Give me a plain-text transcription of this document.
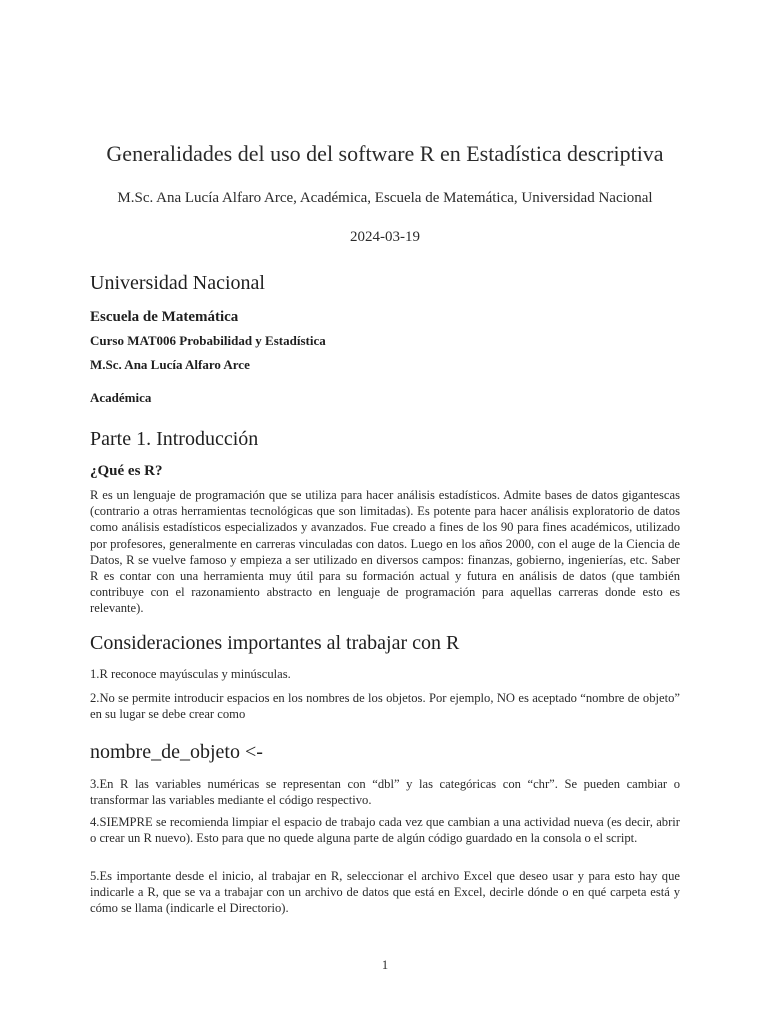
Generalidades del uso del software R en Estadística descriptiva
M.Sc. Ana Lucía Alfaro Arce, Académica, Escuela de Matemática, Universidad Nacional
2024-03-19
Universidad Nacional
Escuela de Matemática
Curso MAT006 Probabilidad y Estadística
M.Sc. Ana Lucía Alfaro Arce
Académica
Parte 1. Introducción
¿Qué es R?

R es un lenguaje de programación que se utiliza para hacer análisis estadísticos. Admite bases de datos gigantescas (contrario a otras herramientas tecnológicas que son limitadas). Es potente para hacer análisis exploratorio de datos como análisis estadísticos especializados y avanzados. Fue creado a fines de los 90 para fines académicos, utilizado por profesores, generalmente en carreras vinculadas con datos. Luego en los años 2000, con el auge de la Ciencia de Datos, R se vuelve famoso y empieza a ser utilizado en diversos campos: finanzas, gobierno, ingenierías, etc. Saber R es contar con una herramienta muy útil para su formación actual y futura en análisis de datos (que también contribuye con el razonamiento abstracto en lenguaje de programación para aquellas carreras donde esto es relevante).

Consideraciones importantes al trabajar con R

1.R reconoce mayúsculas y minúsculas.

2.No se permite introducir espacios en los nombres de los objetos. Por ejemplo, NO es aceptado “nombre de objeto” en su lugar se debe crear como

nombre_de_objeto <-

3.En R las variables numéricas se representan con “dbl” y las categóricas con “chr”. Se pueden cambiar o transformar las variables mediante el código respectivo.

4.SIEMPRE se recomienda limpiar el espacio de trabajo cada vez que cambian a una actividad nueva (es decir, abrir o crear un R nuevo). Esto para que no quede alguna parte de algún código guardado en la consola o el script.

5.Es importante desde el inicio, al trabajar en R, seleccionar el archivo Excel que deseo usar y para esto hay que indicarle a R, que se va a trabajar con un archivo de datos que está en Excel, decirle dónde o en qué carpeta está y cómo se llama (indicarle el Directorio).

1
